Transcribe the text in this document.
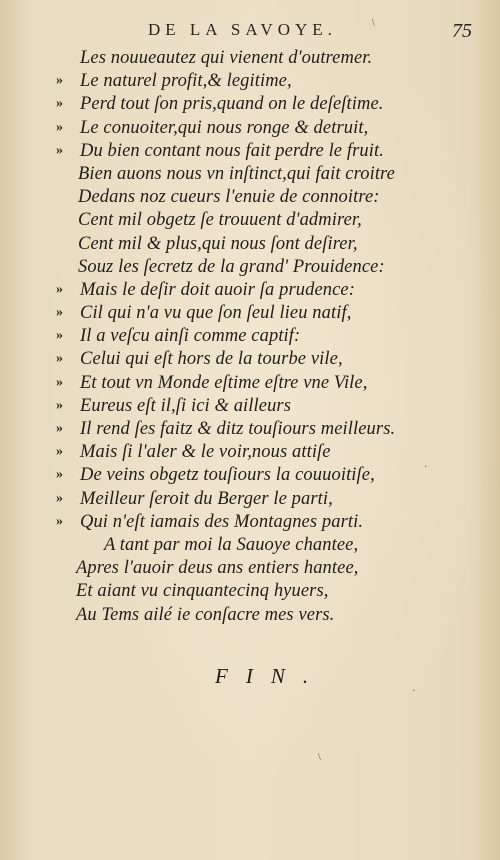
DE LA SAVOYE.	75
Les nouueautez qui vienent d'outremer.
» Le naturel profit,& legitime,
» Perd tout ſon pris,quand on le deſeſtime.
» Le conuoiter,qui nous ronge & detruit,
» Du bien contant nous fait perdre le fruit.
Bien auons nous vn inſtinct,qui fait croitre
Dedans noz cueurs l'enuie de connoitre:
Cent mil obgetz ſe trouuent d'admirer,
Cent mil & plus,qui nous ſont deſirer,
Souz les ſecretz de la grand' Prouidence:
» Mais le deſir doit auoir ſa prudence:
» Cil qui n'a vu que ſon ſeul lieu natif,
» Il a veſcu ainſi comme captif:
» Celui qui eſt hors de la tourbe vile,
» Et tout vn Monde eſtime eſtre vne Vile,
» Eureus eſt il,ſi ici & ailleurs
» Il rend ſes faitz & ditz touſiours meilleurs.
» Mais ſi l'aler & le voir,nous attiſe
» De veins obgetz touſiours la couuoitiſe,
» Meilleur ſeroit du Berger le parti,
» Qui n'eſt iamais des Montagnes parti.
A tant par moi la Sauoye chantee,
Apres l'auoir deus ans entiers hantee,
Et aiant vu cinquantecinq hyuers,
Au Tems ailé ie conſacre mes vers.
FIN.
\
\
·
·
